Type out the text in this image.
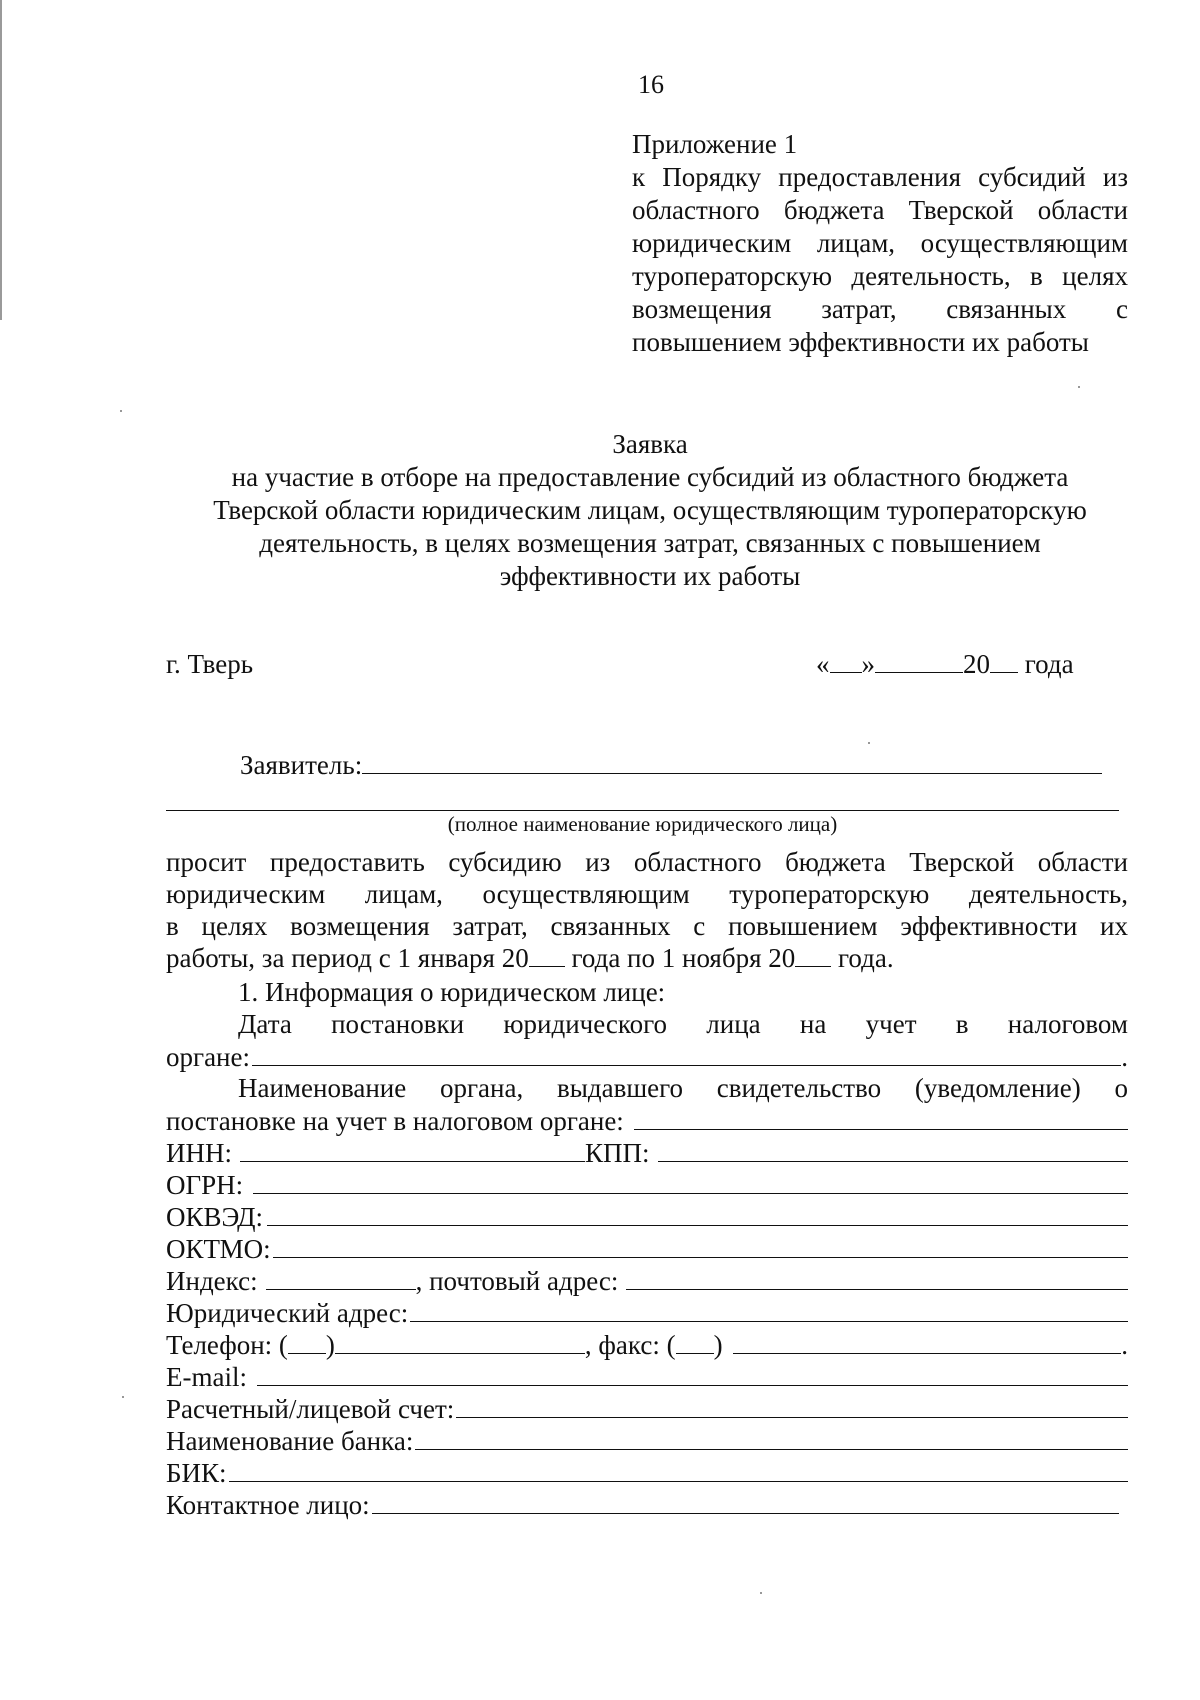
16
Приложение 1
к Порядку предоставления субсидий из
областного бюджета Тверской области
юридическим лицам, осуществляющим
туроператорскую деятельность, в целях
возмещения затрат, связанных с
повышением эффективности их работы
Заявка
на участие в отборе на предоставление субсидий из областного бюджета
Тверской области юридическим лицам, осуществляющим туроператорскую
деятельность, в целях возмещения затрат, связанных с повышением
эффективности их работы
г. Тверь	« »	20 года
Заявитель:
(полное наименование юридического лица)
просит предоставить субсидию из областного бюджета Тверской области
юридическим лицам, осуществляющим туроператорскую деятельность,
в целях возмещения затрат, связанных с повышением эффективности их
работы, за период с 1 января 20 года по 1 ноября 20 года.
1. Информация о юридическом лице:
Дата постановки юридического лица на учет в налоговом
органе:	.
Наименование органа, выдавшего свидетельство (уведомление) о
постановке на учет в налоговом органе:
ИНН:	КПП:
ОГРН:
ОКВЭД:
ОКТМО:
Индекс:	, почтовый адрес:
Юридический адрес:
Телефон: ( )	, факс: ( )	.
E-mail:
Расчетный/лицевой счет:
Наименование банка:
БИК:
Контактное лицо:
